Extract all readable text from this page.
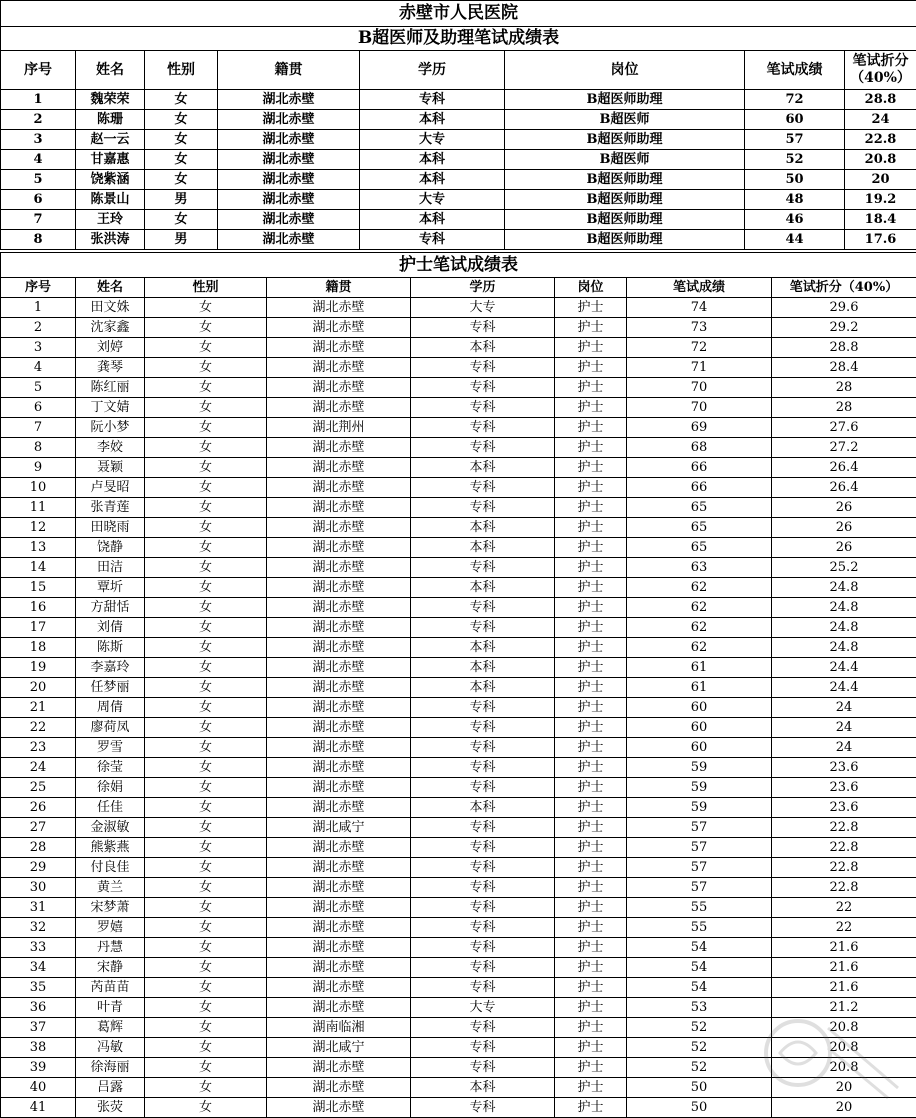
赤壁市人民医院							
B超医师及助理笔试成绩表							
序号	姓名	性别	籍贯	学历	岗位	笔试成绩	笔试折分
（40%）
1	魏荣荣	女	湖北赤壁	专科	B超医师助理	72	28.8
2	陈珊	女	湖北赤壁	本科	B超医师	60	24
3	赵一云	女	湖北赤壁	大专	B超医师助理	57	22.8
4	甘嘉惠	女	湖北赤壁	本科	B超医师	52	20.8
5	饶紫涵	女	湖北赤壁	本科	B超医师助理	50	20
6	陈景山	男	湖北赤壁	大专	B超医师助理	48	19.2
7	王玲	女	湖北赤壁	本科	B超医师助理	46	18.4
8	张洪涛	男	湖北赤壁	专科	B超医师助理	44	17.6
护士笔试成绩表							
序号	姓名	性别	籍贯	学历	岗位	笔试成绩	笔试折分（40%）
1	田文姝	女	湖北赤壁	大专	护士	74	29.6
2	沈家鑫	女	湖北赤壁	专科	护士	73	29.2
3	刘婷	女	湖北赤壁	本科	护士	72	28.8
4	龚琴	女	湖北赤壁	专科	护士	71	28.4
5	陈红丽	女	湖北赤壁	专科	护士	70	28
6	丁文婧	女	湖北赤壁	专科	护士	70	28
7	阮小梦	女	湖北荆州	专科	护士	69	27.6
8	李姣	女	湖北赤壁	专科	护士	68	27.2
9	聂颖	女	湖北赤壁	本科	护士	66	26.4
10	卢旻昭	女	湖北赤壁	专科	护士	66	26.4
11	张青莲	女	湖北赤壁	专科	护士	65	26
12	田晓雨	女	湖北赤壁	本科	护士	65	26
13	饶静	女	湖北赤壁	本科	护士	65	26
14	田洁	女	湖北赤壁	专科	护士	63	25.2
15	覃圻	女	湖北赤壁	本科	护士	62	24.8
16	方甜恬	女	湖北赤壁	专科	护士	62	24.8
17	刘倩	女	湖北赤壁	专科	护士	62	24.8
18	陈斯	女	湖北赤壁	本科	护士	62	24.8
19	李嘉玲	女	湖北赤壁	本科	护士	61	24.4
20	任梦丽	女	湖北赤壁	本科	护士	61	24.4
21	周倩	女	湖北赤壁	专科	护士	60	24
22	廖荷凤	女	湖北赤壁	专科	护士	60	24
23	罗雪	女	湖北赤壁	专科	护士	60	24
24	徐莹	女	湖北赤壁	专科	护士	59	23.6
25	徐娟	女	湖北赤壁	专科	护士	59	23.6
26	任佳	女	湖北赤壁	本科	护士	59	23.6
27	金淑敏	女	湖北咸宁	专科	护士	57	22.8
28	熊紫燕	女	湖北赤壁	专科	护士	57	22.8
29	付良佳	女	湖北赤壁	专科	护士	57	22.8
30	黄兰	女	湖北赤壁	专科	护士	57	22.8
31	宋梦萧	女	湖北赤壁	专科	护士	55	22
32	罗嬉	女	湖北赤壁	专科	护士	55	22
33	丹慧	女	湖北赤壁	专科	护士	54	21.6
34	宋静	女	湖北赤壁	专科	护士	54	21.6
35	芮苗苗	女	湖北赤壁	专科	护士	54	21.6
36	叶青	女	湖北赤壁	大专	护士	53	21.2
37	葛辉	女	湖南临湘	专科	护士	52	20.8
38	冯敏	女	湖北咸宁	专科	护士	52	20.8
39	徐海丽	女	湖北赤壁	专科	护士	52	20.8
40	吕露	女	湖北赤壁	本科	护士	50	20
41	张荧	女	湖北赤壁	专科	护士	50	20
